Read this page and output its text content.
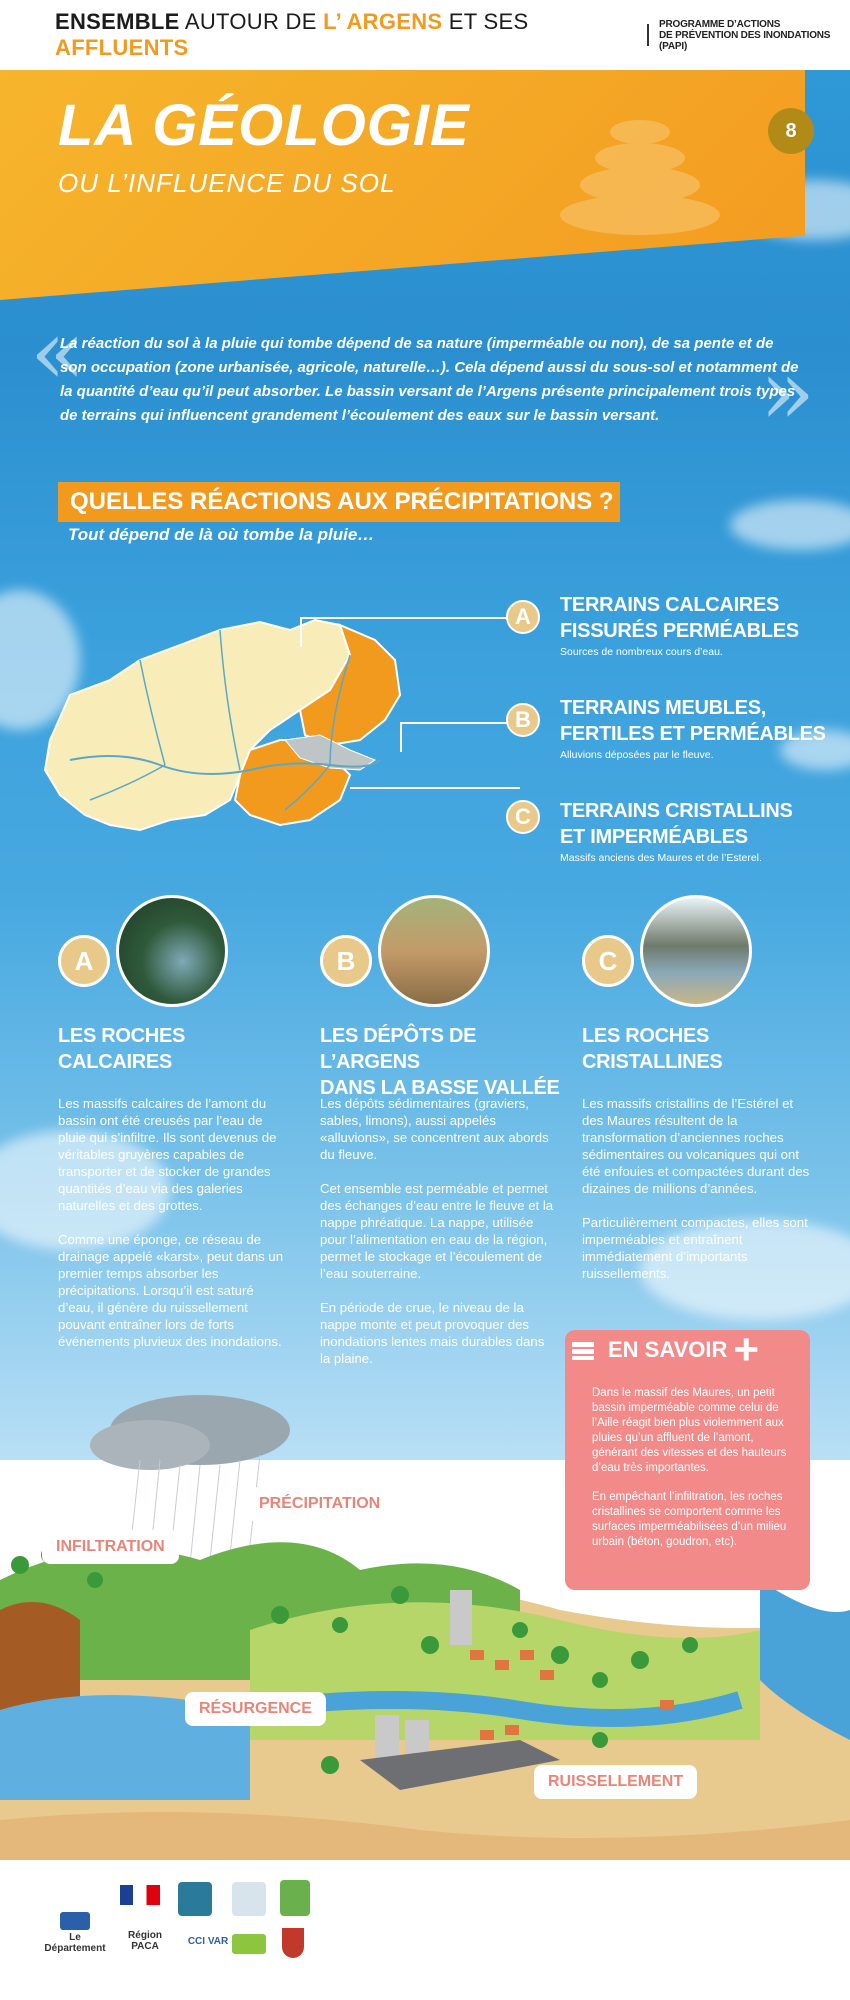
ENSEMBLE AUTOUR DE L’ ARGENS ET SES AFFLUENTS
PROGRAMME D’ACTIONS
DE PRÉVENTION DES INONDATIONS (PAPI)
LA GÉOLOGIE
OU L’INFLUENCE DU SOL
8
«	»
La réaction du sol à la pluie qui tombe dépend de sa nature (imperméable ou non), de sa pente et de son occupation (zone urbanisée, agricole, naturelle…). Cela dépend aussi du sous-sol et notamment de la quantité d’eau qu’il peut absorber. Le bassin versant de l’Argens présente principalement trois types de terrains qui influencent grandement l’écoulement des eaux sur le bassin versant.
QUELLES RÉACTIONS AUX PRÉCIPITATIONS ?
Tout dépend de là où tombe la pluie…
A	TERRAINS CALCAIRES
FISSURÉS PERMÉABLES
Sources de nombreux cours d’eau.
B	TERRAINS MEUBLES,
FERTILES ET PERMÉABLES
Alluvions déposées par le fleuve.
C	TERRAINS CRISTALLINS
ET IMPERMÉABLES
Massifs anciens des Maures et de l’Esterel.
A
LES ROCHES
CALCAIRES

Les massifs calcaires de l’amont du bassin ont été creusés par l’eau de pluie qui s’infiltre. Ils sont devenus de véritables gruyères capables de transporter et de stocker de grandes quantités d’eau via des galeries naturelles et des grottes.

Comme une éponge, ce réseau de drainage appelé «karst», peut dans un premier temps absorber les précipitations. Lorsqu’il est saturé d’eau, il génère du ruissellement pouvant entraîner lors de forts événements pluvieux des inondations.

B
LES DÉPÔTS DE L’ARGENS
DANS LA BASSE VALLÉE

Les dépôts sédimentaires (graviers, sables, limons), aussi appelés «alluvions», se concentrent aux abords du fleuve.

Cet ensemble est perméable et permet des échanges d’eau entre le fleuve et la nappe phréatique. La nappe, utilisée pour l’alimentation en eau de la région, permet le stockage et l’écoulement de l’eau souterraine.

En période de crue, le niveau de la nappe monte et peut provoquer des inondations lentes mais durables dans la plaine.

C
LES ROCHES
CRISTALLINES

Les massifs cristallins de l’Estérel et des Maures résultent de la transformation d’anciennes roches sédimentaires ou volcaniques qui ont été enfouies et compactées durant des dizaines de millions d’années.

Particulièrement compactes, elles sont imperméables et entraînent immédiatement d’importants ruissellements.

PRÉCIPITATION
INFILTRATION
RÉSURGENCE
RUISSELLEMENT
EN SAVOIR +

Dans le massif des Maures, un petit bassin imperméable comme celui de l’Aille réagit bien plus violemment aux pluies qu’un affluent de l’amont, générant des vitesses et des hauteurs d’eau très importantes.

En empêchant l’infiltration, les roches cristallines se comportent comme les surfaces imperméabilisées d’un milieu urbain (béton, goudron, etc).

Le Département
Région
PACA	CCI VAR
